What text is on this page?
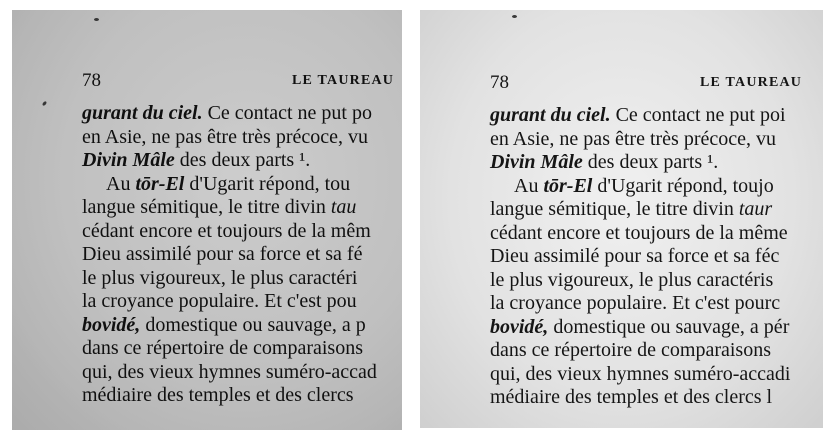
78	LE TAUREAU
gurant du ciel. Ce contact ne put po
en Asie, ne pas être très précoce, vu
Divin Mâle des deux parts ¹.
Au tōr-El d'Ugarit répond, tou
langue sémitique, le titre divin tau
cédant encore et toujours de la mêm
Dieu assimilé pour sa force et sa fé
le plus vigoureux, le plus caractéri
la croyance populaire. Et c'est pou
bovidé, domestique ou sauvage, a p
dans ce répertoire de comparaisons
qui, des vieux hymnes suméro-accad
médiaire des temples et des clercs
78	LE TAUREAU
gurant du ciel. Ce contact ne put poi
en Asie, ne pas être très précoce, vu
Divin Mâle des deux parts ¹.
Au tōr-El d'Ugarit répond, toujo
langue sémitique, le titre divin taur
cédant encore et toujours de la même
Dieu assimilé pour sa force et sa féc
le plus vigoureux, le plus caractéris
la croyance populaire. Et c'est pourc
bovidé, domestique ou sauvage, a pér
dans ce répertoire de comparaisons
qui, des vieux hymnes suméro-accadi
médiaire des temples et des clercs l
